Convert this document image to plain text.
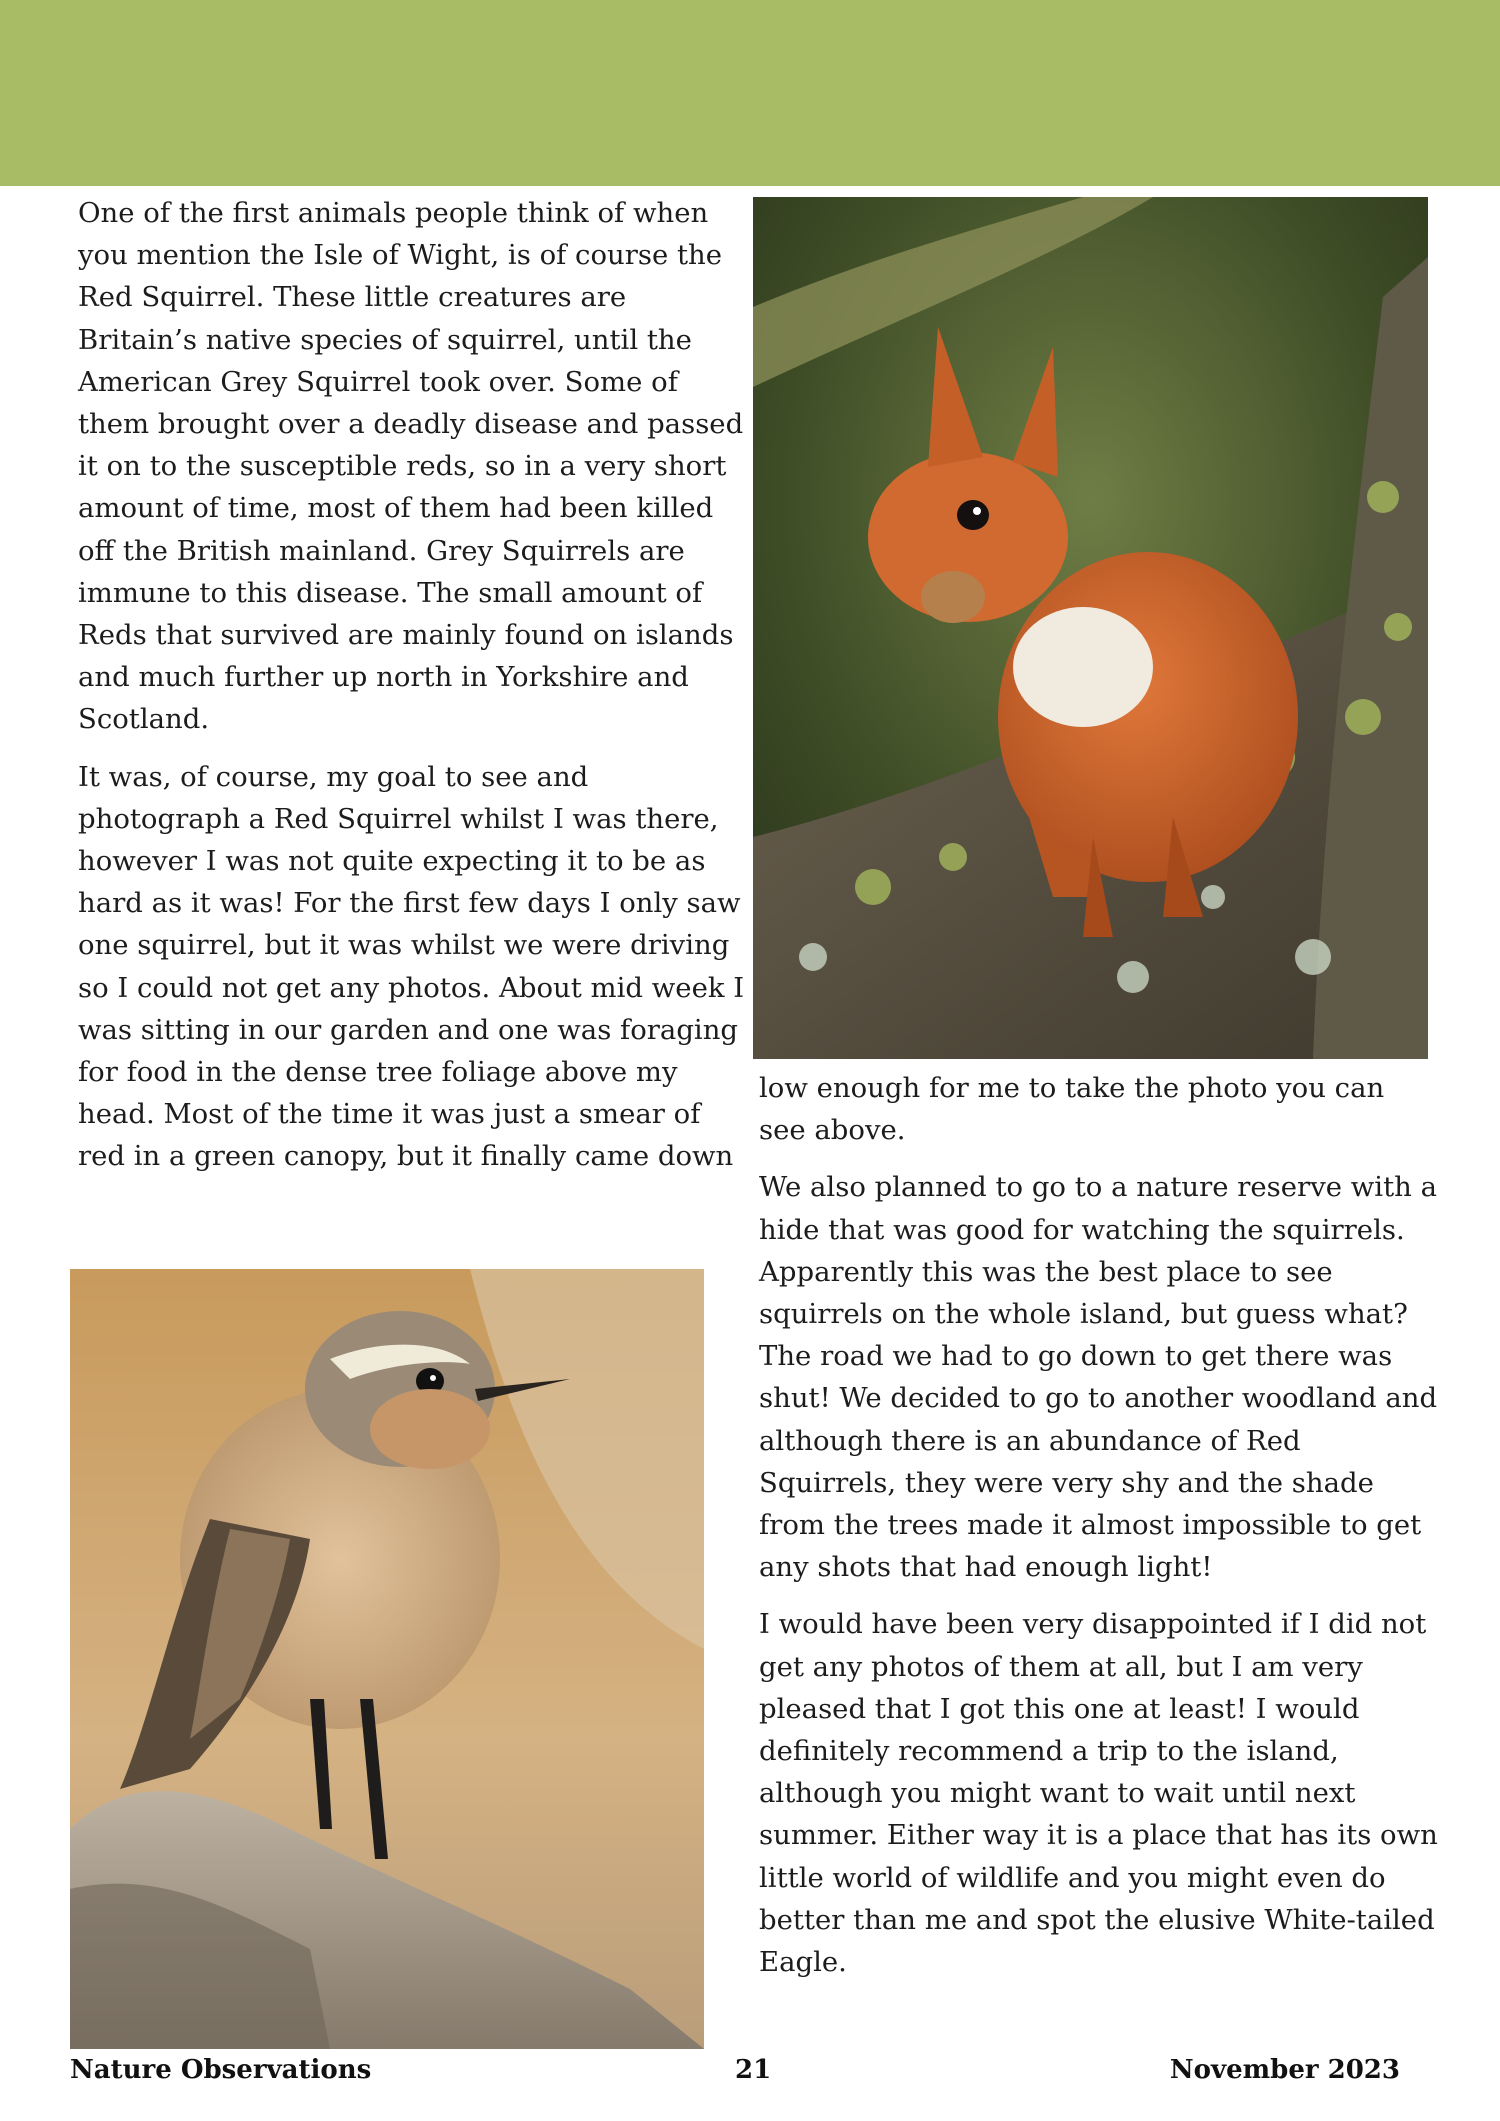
One of the first animals people think of when you mention the Isle of Wight, is of course the Red Squirrel. These little creatures are Britain’s native species of squirrel, until the American Grey Squirrel took over. Some of them brought over a deadly disease and passed it on to the susceptible reds, so in a very short amount of time, most of them had been killed off the British mainland. Grey Squirrels are immune to this disease. The small amount of Reds that survived are mainly found on islands and much further up north in Yorkshire and Scotland.

It was, of course, my goal to see and photograph a Red Squirrel whilst I was there, however I was not quite expecting it to be as hard as it was! For the first few days I only saw one squirrel, but it was whilst we were driving so I could not get any photos. About mid week I was sitting in our garden and one was foraging for food in the dense tree foliage above my head. Most of the time it was just a smear of red in a green canopy, but it finally came down

low enough for me to take the photo you can see above.

We also planned to go to a nature reserve with a hide that was good for watching the squirrels. Apparently this was the best place to see squirrels on the whole island, but guess what? The road we had to go down to get there was shut! We decided to go to another woodland and although there is an abundance of Red Squirrels, they were very shy and the shade from the trees made it almost impossible to get any shots that had enough light!

I would have been very disappointed if I did not get any photos of them at all, but I am very pleased that I got this one at least! I would definitely recommend a trip to the island, although you might want to wait until next summer. Either way it is a place that has its own little world of wildlife and you might even do better than me and spot the elusive White-tailed Eagle.

Nature Observations	21	November 2023
